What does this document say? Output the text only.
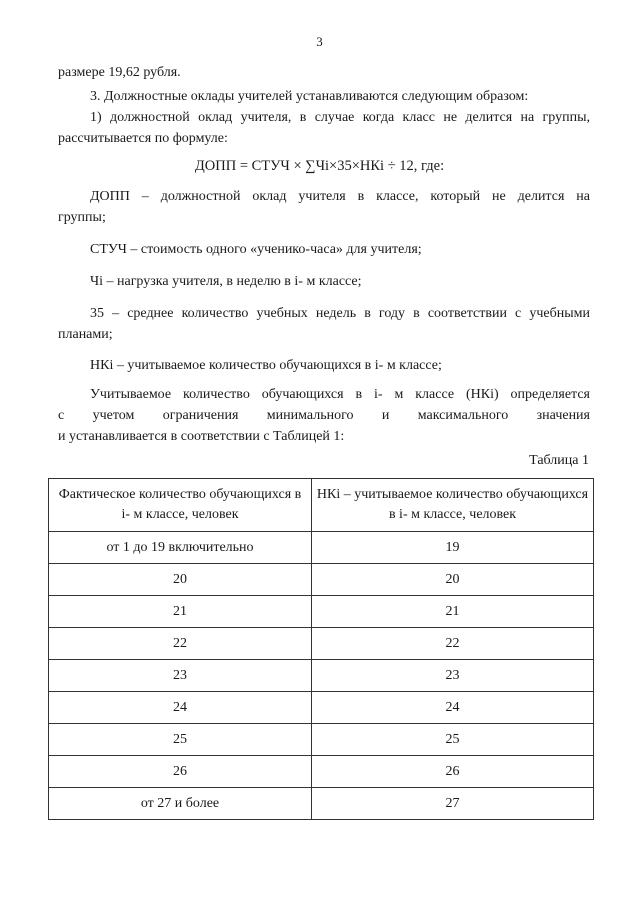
3
размере 19,62 рубля.
3. Должностные оклады учителей устанавливаются следующим образом:
1) должностной оклад учителя, в случае когда класс не делится на группы,
рассчитывается по формуле:
ДОПП = СТУЧ × ∑Чi×35×НКi ÷ 12, где:
ДОПП – должностной оклад учителя в классе, который не делится на
группы;
СТУЧ – стоимость одного «ученико-часа» для учителя;
Чi – нагрузка учителя, в неделю в i- м классе;
35 – среднее количество учебных недель в году в соответствии с учебными
планами;
НКi – учитываемое количество обучающихся в i- м классе;
Учитываемое количество обучающихся в i- м классе (НКi) определяется
с учетом ограничения минимального и максимального значения
и устанавливается в соответствии с Таблицей 1:
Таблица 1
Фактическое количество обучающихся в i- м классе, человек	НКi – учитываемое количество обучающихся в i- м классе, человек
от 1 до 19 включительно	19
20	20
21	21
22	22
23	23
24	24
25	25
26	26
от 27 и более	27
